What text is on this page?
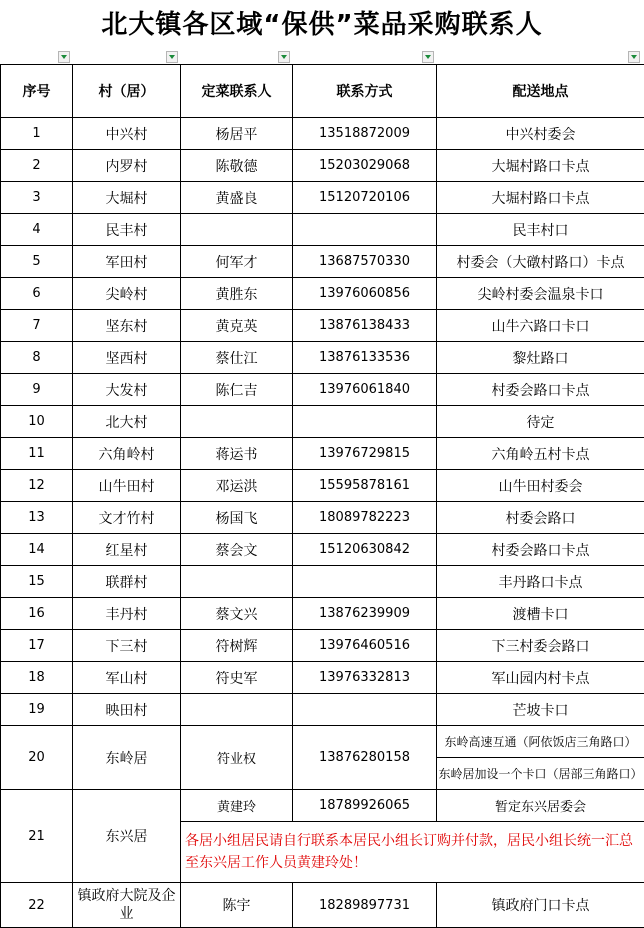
北大镇各区域“保供”菜品采购联系人
序号	村（居）	定菜联系人	联系方式	配送地点
1	中兴村	杨居平	13518872009	中兴村委会
2	内罗村	陈敬德	15203029068	大堀村路口卡点
3	大堀村	黄盛良	15120720106	大堀村路口卡点
4	民丰村			民丰村口
5	军田村	何军才	13687570330	村委会（大礅村路口）卡点
6	尖岭村	黄胜东	13976060856	尖岭村委会温泉卡口
7	坚东村	黄克英	13876138433	山牛六路口卡口
8	坚西村	蔡仕江	13876133536	黎灶路口
9	大发村	陈仁吉	13976061840	村委会路口卡点
10	北大村			待定
11	六角岭村	蒋运书	13976729815	六角岭五村卡点
12	山牛田村	邓运洪	15595878161	山牛田村委会
13	文才竹村	杨国飞	18089782223	村委会路口
14	红星村	蔡会文	15120630842	村委会路口卡点
15	联群村			丰丹路口卡点
16	丰丹村	蔡文兴	13876239909	渡槽卡口
17	下三村	符树辉	13976460516	下三村委会路口
18	军山村	符史军	13976332813	军山园内村卡点
19	映田村			芒坡卡口
20	东岭居	符业权	13876280158	东岭高速互通（阿依饭店三角路口）
				东岭居加设一个卡口（居部三角路口）
21	东兴居	黄建玲	18789926065	暂定东兴居委会
		各居小组居民请自行联系本居民小组长订购并付款，居民小组长统一汇总至东兴居工作人员黄建玲处！		
22	镇政府大院及企业	陈宇	18289897731	镇政府门口卡点
